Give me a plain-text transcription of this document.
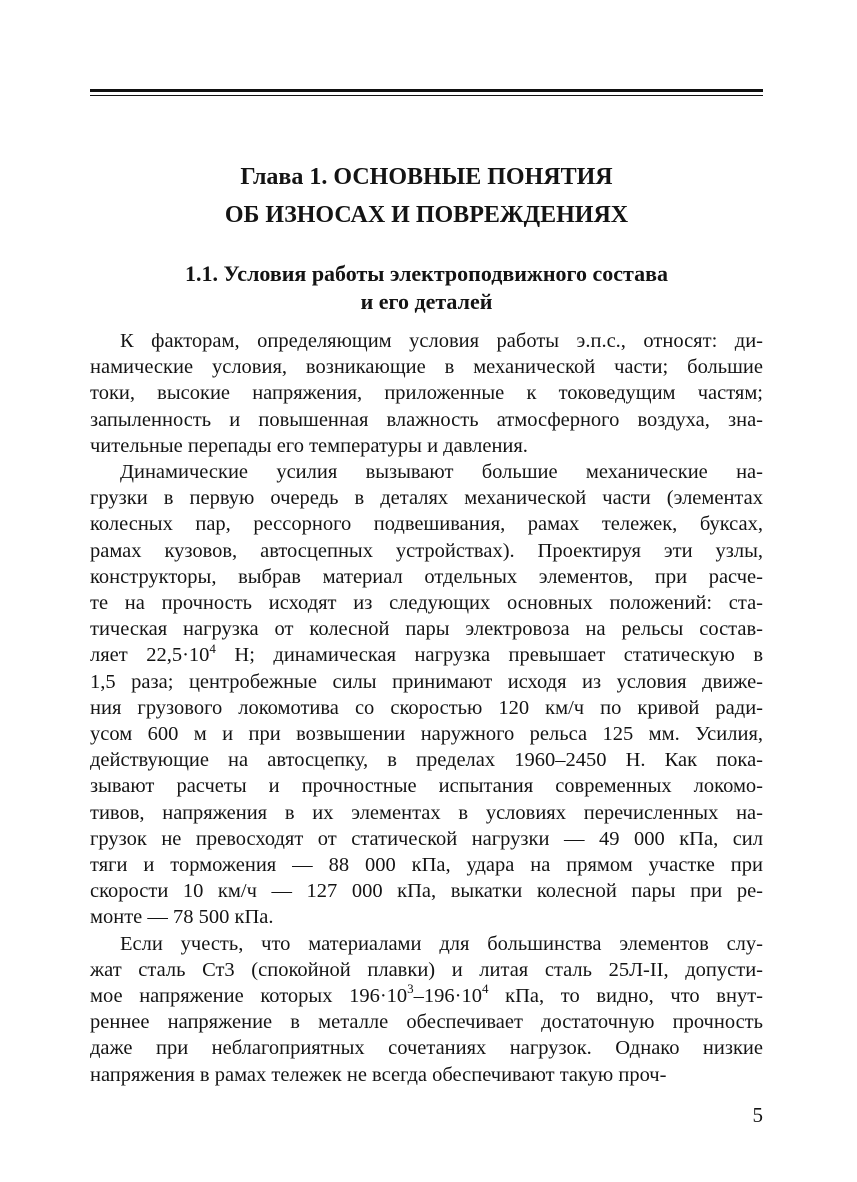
Глава 1. ОСНОВНЫЕ ПОНЯТИЯ
ОБ ИЗНОСАХ И ПОВРЕЖДЕНИЯХ
1.1. Условия работы электроподвижного состава
и его деталей
К факторам, определяющим условия работы э.п.с., относят: ди-
намические условия, возникающие в механической части; большие
токи, высокие напряжения, приложенные к токоведущим частям;
запыленность и повышенная влажность атмосферного воздуха, зна-
чительные перепады его температуры и давления.
Динамические усилия вызывают большие механические на-
грузки в первую очередь в деталях механической части (элементах
колесных пар, рессорного подвешивания, рамах тележек, буксах,
рамах кузовов, автосцепных устройствах). Проектируя эти узлы,
конструкторы, выбрав материал отдельных элементов, при расче-
те на прочность исходят из следующих основных положений: ста-
тическая нагрузка от колесной пары электровоза на рельсы состав-
ляет $22,5\cdot 10^4$ Н; динамическая нагрузка превышает статическую в
1,5 раза; центробежные силы принимают исходя из условия движе-
ния грузового локомотива со скоростью 120 км/ч по кривой ради-
усом 600 м и при возвышении наружного рельса 125 мм. Усилия,
действующие на автосцепку, в пределах 1960–2450 Н. Как пока-
зывают расчеты и прочностные испытания современных локомо-
тивов, напряжения в их элементах в условиях перечисленных на-
грузок не превосходят от статической нагрузки — 49 000 кПа, сил
тяги и торможения — 88 000 кПа, удара на прямом участке при
скорости 10 км/ч — 127 000 кПа, выкатки колесной пары при ре-
монте — 78 500 кПа.
Если учесть, что материалами для большинства элементов слу-
жат сталь Ст3 (спокойной плавки) и литая сталь 25Л-II, допусти-
мое напряжение которых $196\cdot 10^3-196\cdot 10^4$ кПа, то видно, что внут-
реннее напряжение в металле обеспечивает достаточную прочность
даже при неблагоприятных сочетаниях нагрузок. Однако низкие
напряжения в рамах тележек не всегда обеспечивают такую проч-
5
